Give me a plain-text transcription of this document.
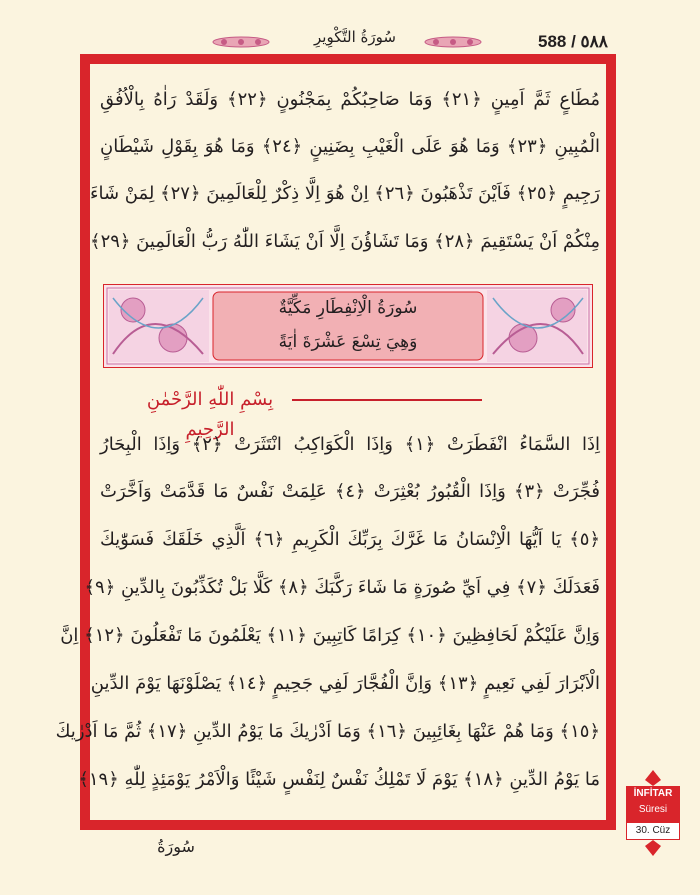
سُورَةُ التَّكْوِيرِ	588 / ٥٨٨
مُطَاعٍ ثَمَّ اَمِينٍ ﴿٢١﴾ وَمَا صَاحِبُكُمْ بِمَجْنُونٍ ﴿٢٢﴾ وَلَقَدْ رَاٰهُ بِالْاُفُقِ
الْمُبِينِ ﴿٢٣﴾ وَمَا هُوَ عَلَى الْغَيْبِ بِضَنِينٍ ﴿٢٤﴾ وَمَا هُوَ بِقَوْلِ شَيْطَانٍ
رَجِيمٍ ﴿٢٥﴾ فَاَيْنَ تَذْهَبُونَ ﴿٢٦﴾ اِنْ هُوَ اِلَّا ذِكْرٌ لِلْعَالَمِينَ ﴿٢٧﴾ لِمَنْ شَاءَ
مِنْكُمْ اَنْ يَسْتَقِيمَ ﴿٢٨﴾ وَمَا تَشَاؤُنَ اِلَّا اَنْ يَشَاءَ اللّٰهُ رَبُّ الْعَالَمِينَ ﴿٢٩﴾
سُورَةُ الْاِنْفِطَارِ مَكِّيَّةٌ
وَهِيَ تِسْعَ عَشْرَةَ اٰيَةً
بِسْمِ اللّٰهِ الرَّحْمٰنِ الرَّحِيمِ
اِذَا السَّمَاءُ انْفَطَرَتْ ﴿١﴾ وَاِذَا الْكَوَاكِبُ انْتَثَرَتْ ﴿٢﴾ وَاِذَا الْبِحَارُ
فُجِّرَتْ ﴿٣﴾ وَاِذَا الْقُبُورُ بُعْثِرَتْ ﴿٤﴾ عَلِمَتْ نَفْسٌ مَا قَدَّمَتْ وَاَخَّرَتْ
﴿٥﴾ يَا اَيُّهَا الْاِنْسَانُ مَا غَرَّكَ بِرَبِّكَ الْكَرِيمِ ﴿٦﴾ اَلَّذِي خَلَقَكَ فَسَوّٰيكَ
فَعَدَلَكَ ﴿٧﴾ فِي اَيِّ صُورَةٍ مَا شَاءَ رَكَّبَكَ ﴿٨﴾ كَلَّا بَلْ تُكَذِّبُونَ بِالدِّينِ ﴿٩﴾
وَاِنَّ عَلَيْكُمْ لَحَافِظِينَ ﴿١٠﴾ كِرَامًا كَاتِبِينَ ﴿١١﴾ يَعْلَمُونَ مَا تَفْعَلُونَ ﴿١٢﴾ اِنَّ
الْاَبْرَارَ لَفِي نَعِيمٍ ﴿١٣﴾ وَاِنَّ الْفُجَّارَ لَفِي جَحِيمٍ ﴿١٤﴾ يَصْلَوْنَهَا يَوْمَ الدِّينِ
﴿١٥﴾ وَمَا هُمْ عَنْهَا بِغَائِبِينَ ﴿١٦﴾ وَمَا اَدْرٰيكَ مَا يَوْمُ الدِّينِ ﴿١٧﴾ ثُمَّ مَا اَدْرٰيكَ
مَا يَوْمُ الدِّينِ ﴿١٨﴾ يَوْمَ لَا تَمْلِكُ نَفْسٌ لِنَفْسٍ شَيْئًا وَالْاَمْرُ يَوْمَئِذٍ لِلّٰهِ ﴿١٩﴾
سُورَةُ
İNFİTAR
Süresi
30. Cüz
